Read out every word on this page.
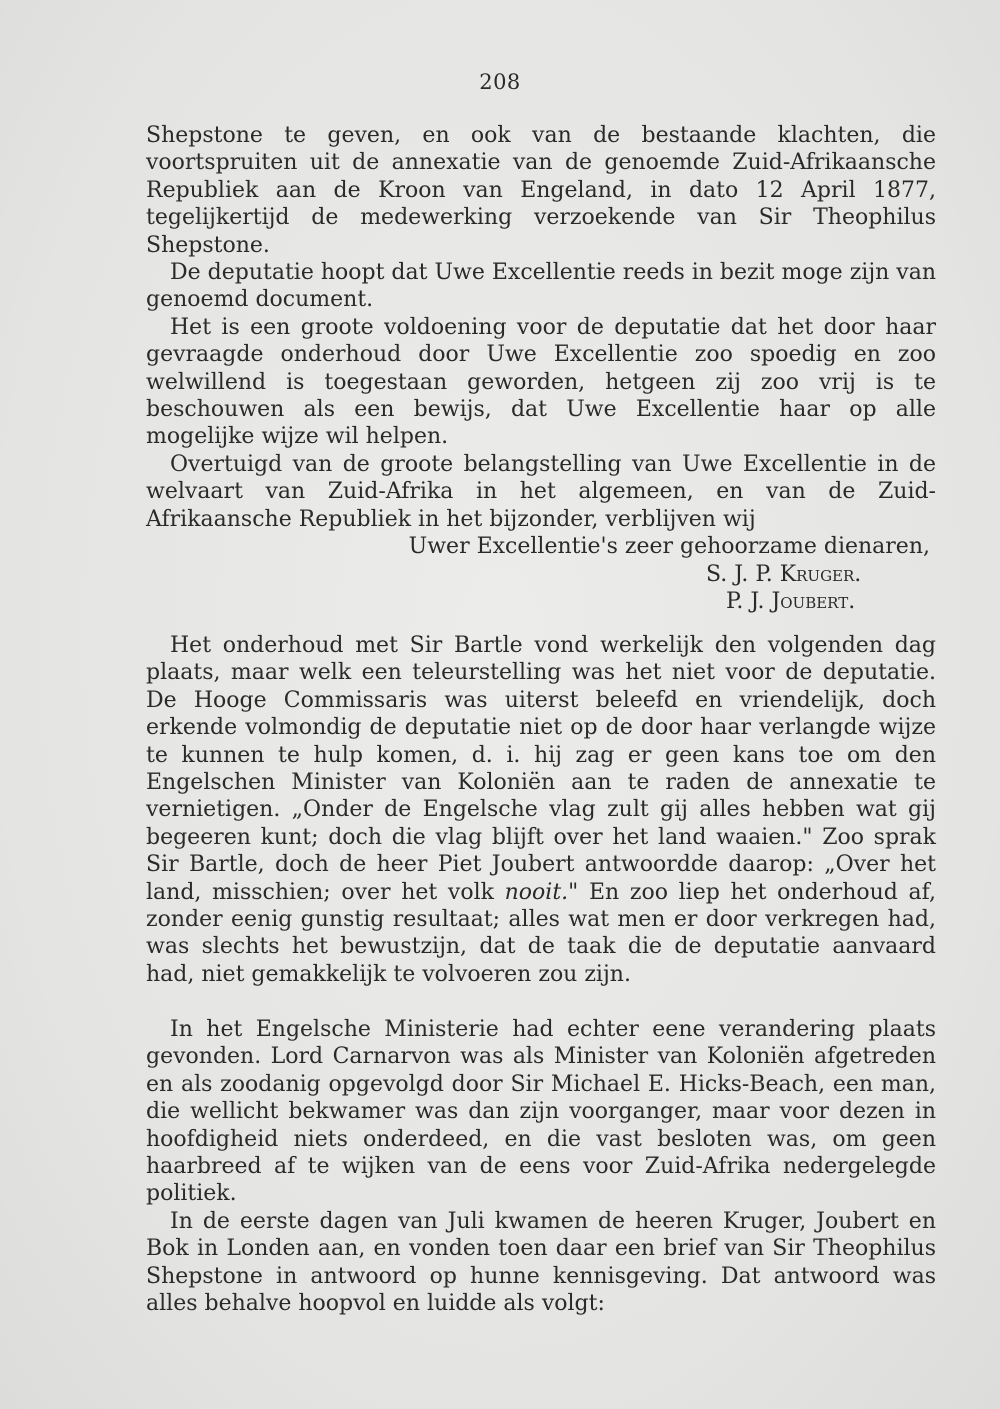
208

Shepstone te geven, en ook van de bestaande klachten, die voortspruiten uit de annexatie van de genoemde Zuid-Afrikaansche Republiek aan de Kroon van Engeland, in dato 12 April 1877, tegelijkertijd de medewerking verzoekende van Sir Theophilus Shepstone.

De deputatie hoopt dat Uwe Excellentie reeds in bezit moge zijn van genoemd document.

Het is een groote voldoening voor de deputatie dat het door haar gevraagde onderhoud door Uwe Excellentie zoo spoedig en zoo welwillend is toegestaan geworden, hetgeen zij zoo vrij is te beschouwen als een bewijs, dat Uwe Excellentie haar op alle mogelijke wijze wil helpen.

Overtuigd van de groote belangstelling van Uwe Excellentie in de welvaart van Zuid-Afrika in het algemeen, en van de Zuid-Afrikaansche Republiek in het bijzonder, verblijven wij

Uwer Excellentie's zeer gehoorzame dienaren,

S. J. P. Kruger.
P. J. Joubert.

Het onderhoud met Sir Bartle vond werkelijk den volgenden dag plaats, maar welk een teleurstelling was het niet voor de deputatie. De Hooge Commissaris was uiterst beleefd en vriendelijk, doch erkende volmondig de deputatie niet op de door haar verlangde wijze te kunnen te hulp komen, d. i. hij zag er geen kans toe om den Engelschen Minister van Koloniën aan te raden de annexatie te vernietigen. „Onder de Engelsche vlag zult gij alles hebben wat gij begeeren kunt; doch die vlag blijft over het land waaien." Zoo sprak Sir Bartle, doch de heer Piet Joubert antwoordde daarop: „Over het land, misschien; over het volk nooit." En zoo liep het onderhoud af, zonder eenig gunstig resultaat; alles wat men er door verkregen had, was slechts het bewustzijn, dat de taak die de deputatie aanvaard had, niet gemakkelijk te volvoeren zou zijn.

In het Engelsche Ministerie had echter eene verandering plaats gevonden. Lord Carnarvon was als Minister van Koloniën afgetreden en als zoodanig opgevolgd door Sir Michael E. Hicks-Beach, een man, die wellicht bekwamer was dan zijn voorganger, maar voor dezen in hoofdigheid niets onderdeed, en die vast besloten was, om geen haarbreed af te wijken van de eens voor Zuid-Afrika nedergelegde politiek.

In de eerste dagen van Juli kwamen de heeren Kruger, Joubert en Bok in Londen aan, en vonden toen daar een brief van Sir Theophilus Shepstone in antwoord op hunne kennisgeving. Dat antwoord was alles behalve hoopvol en luidde als volgt:
